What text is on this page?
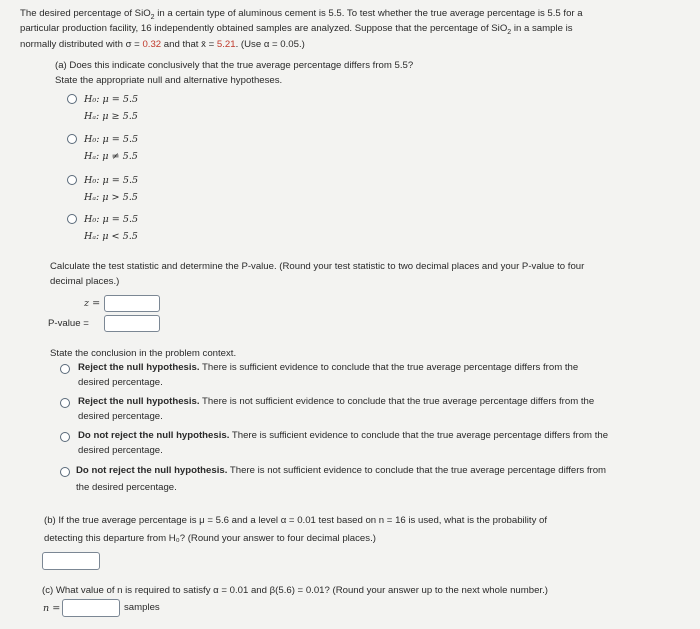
The desired percentage of SiO$_2$ in a certain type of aluminous cement is 5.5. To test whether the true average percentage is 5.5 for a
particular production facility, 16 independently obtained samples are analyzed. Suppose that the percentage of SiO$_2$ in a sample is
normally distributed with σ = 0.32 and that x̄ = 5.21. (Use α = 0.05.)
(a) Does this indicate conclusively that the true average percentage differs from 5.5?
State the appropriate null and alternative hypotheses.
H₀: μ = 5.5
Hₐ: μ ≥ 5.5
H₀: μ = 5.5
Hₐ: μ ≠ 5.5
H₀: μ = 5.5
Hₐ: μ > 5.5
H₀: μ = 5.5
Hₐ: μ < 5.5
Calculate the test statistic and determine the P-value. (Round your test statistic to two decimal places and your P-value to four
decimal places.)
z =
P-value =
State the conclusion in the problem context.
Reject the null hypothesis. There is sufficient evidence to conclude that the true average percentage differs from the
desired percentage.
Reject the null hypothesis. There is not sufficient evidence to conclude that the true average percentage differs from the
desired percentage.
Do not reject the null hypothesis. There is sufficient evidence to conclude that the true average percentage differs from the
desired percentage.
Do not reject the null hypothesis. There is not sufficient evidence to conclude that the true average percentage differs from
the desired percentage.
(b) If the true average percentage is μ = 5.6 and a level α = 0.01 test based on n = 16 is used, what is the probability of
detecting this departure from H₀? (Round your answer to four decimal places.)
(c) What value of n is required to satisfy α = 0.01 and β(5.6) = 0.01? (Round your answer up to the next whole number.)
n =	samples
